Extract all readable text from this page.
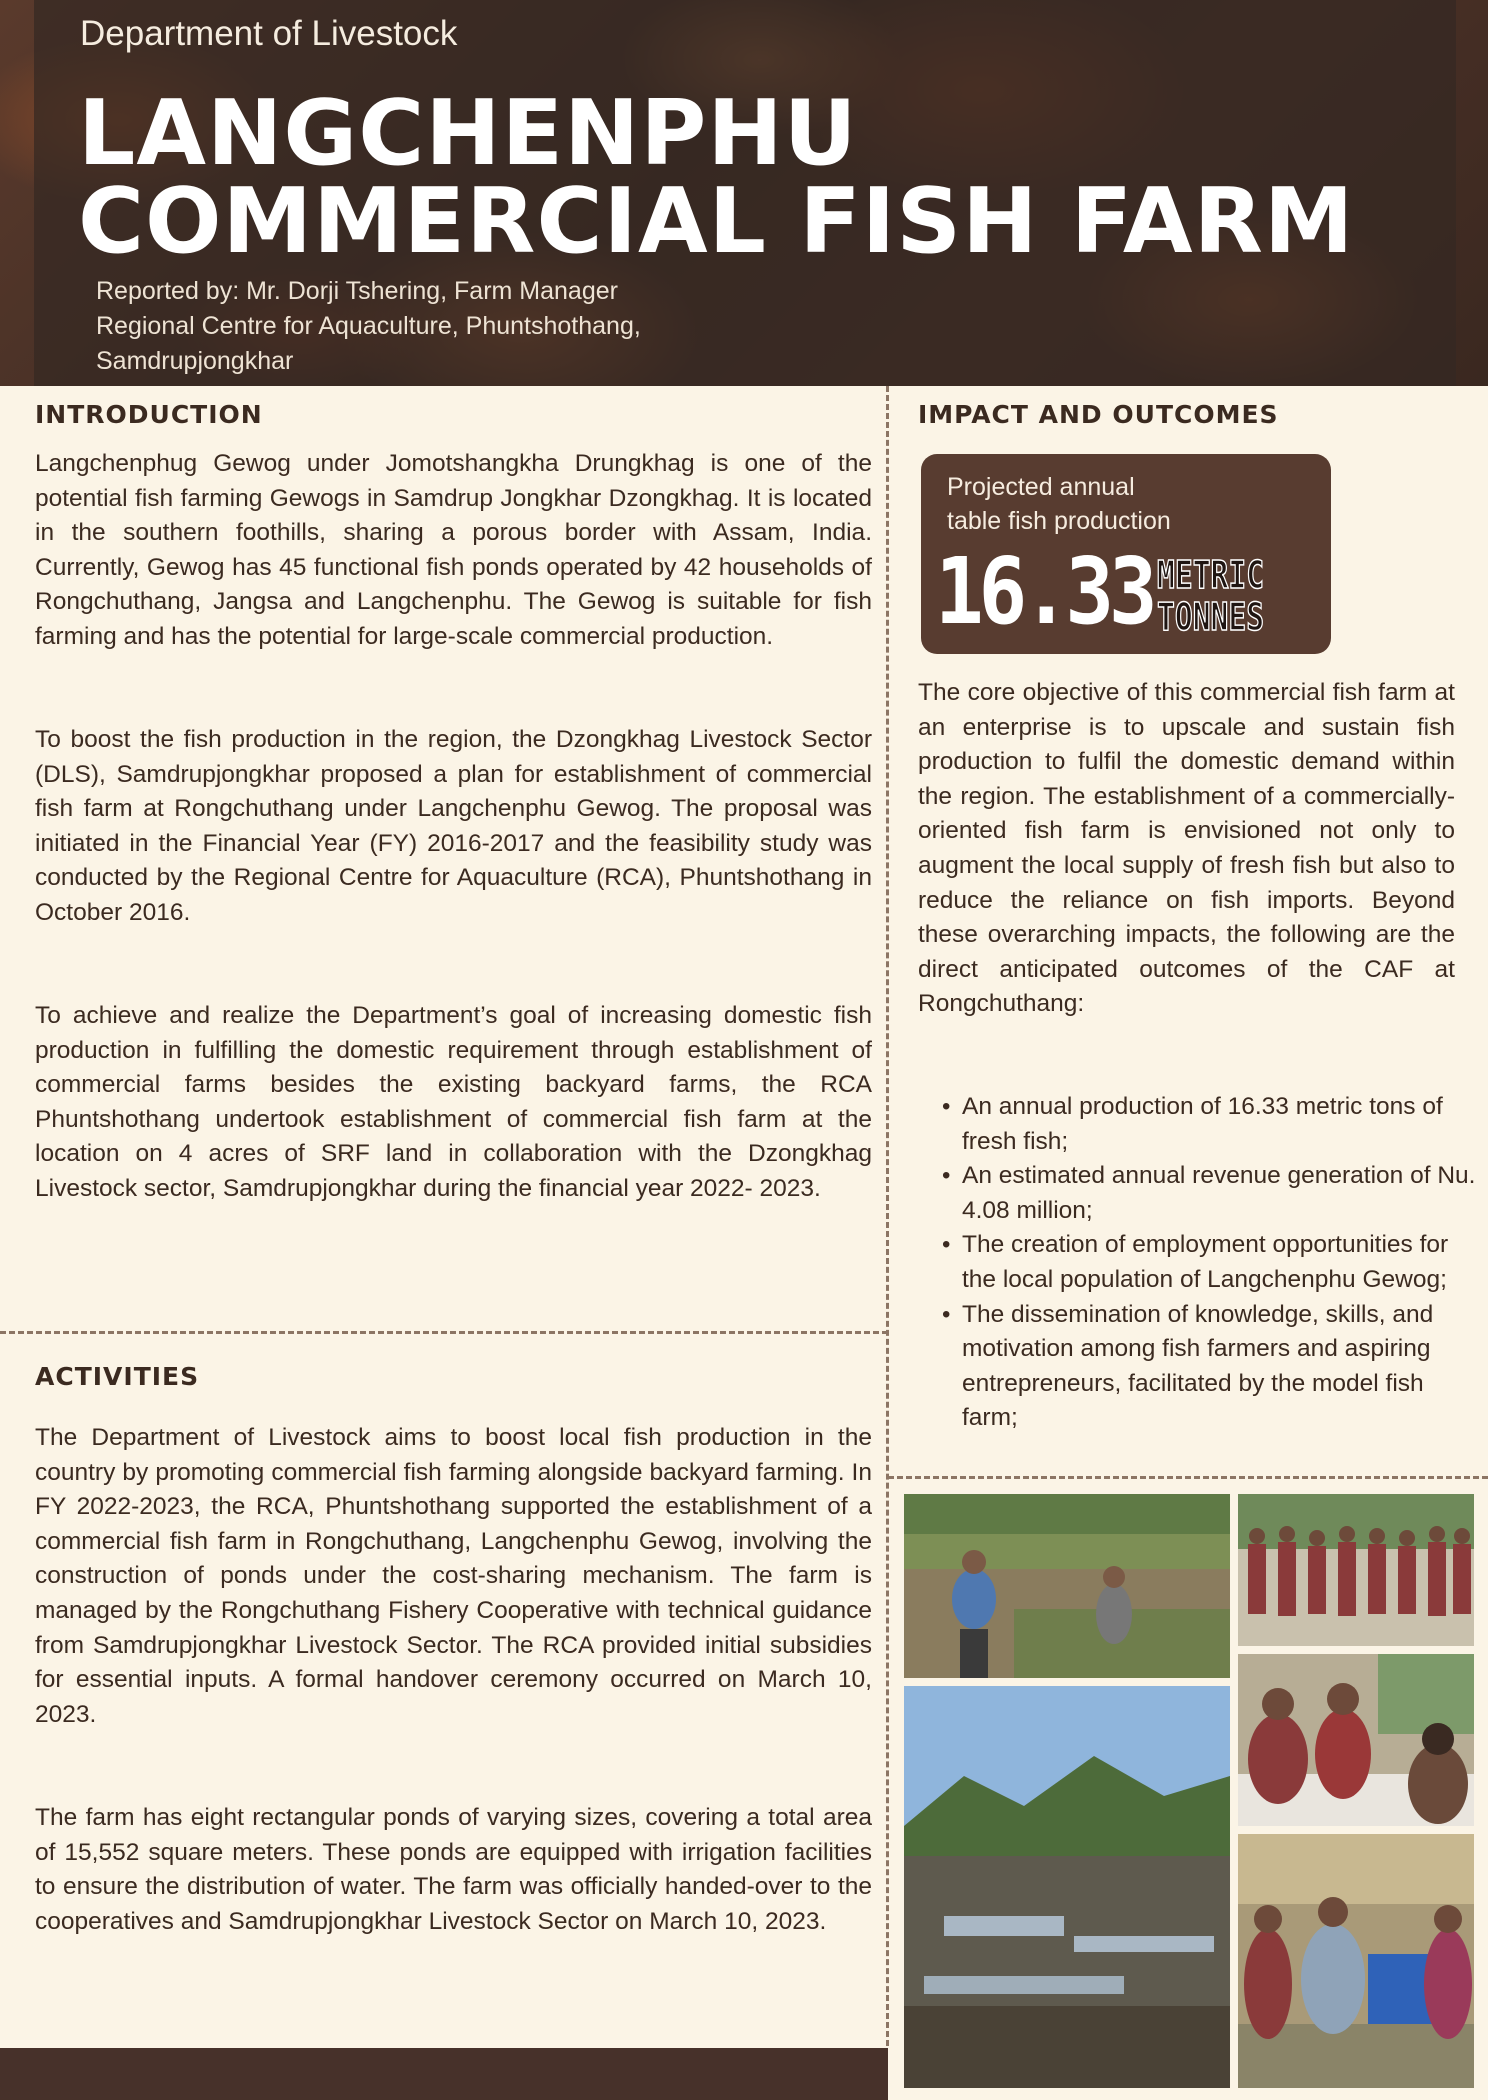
Department of Livestock
LANGCHENPHU
COMMERCIAL FISH FARM
Reported by: Mr. Dorji Tshering, Farm Manager
Regional Centre for Aquaculture, Phuntshothang,
Samdrupjongkhar
INTRODUCTION

Langchenphug Gewog under Jomotshangkha Drungkhag is one of the potential fish farming Gewogs in Samdrup Jongkhar Dzongkhag. It is located in the southern foothills, sharing a porous border with Assam, India. Currently, Gewog has 45 functional fish ponds operated by 42 households of Rongchuthang, Jangsa and Langchenphu. The Gewog is suitable for fish farming and has the potential for large-scale commercial production.

To boost the fish production in the region, the Dzongkhag Livestock Sector (DLS), Samdrupjongkhar proposed a plan for establishment of commercial fish farm at Rongchuthang under Langchenphu Gewog. The proposal was initiated in the Financial Year (FY) 2016-2017 and the feasibility study was conducted by the Regional Centre for Aquaculture (RCA), Phuntshothang in October 2016.

To achieve and realize the Department’s goal of increasing domestic fish production in fulfilling the domestic requirement through establishment of commercial farms besides the existing backyard farms, the RCA Phuntshothang undertook establishment of commercial fish farm at the location on 4 acres of SRF land in collaboration with the Dzongkhag Livestock sector, Samdrupjongkhar during the financial year 2022- 2023.

ACTIVITIES

The Department of Livestock aims to boost local fish production in the country by promoting commercial fish farming alongside backyard farming. In FY 2022-2023, the RCA, Phuntshothang supported the establishment of a commercial fish farm in Rongchuthang, Langchenphu Gewog, involving the construction of ponds under the cost-sharing mechanism. The farm is managed by the Rongchuthang Fishery Cooperative with technical guidance from Samdrupjongkhar Livestock Sector. The RCA provided initial subsidies for essential inputs. A formal handover ceremony occurred on March 10, 2023.

The farm has eight rectangular ponds of varying sizes, covering a total area of 15,552 square meters. These ponds are equipped with irrigation facilities to ensure the distribution of water. The farm was officially handed-over to the cooperatives and Samdrupjongkhar Livestock Sector on March 10, 2023.

IMPACT AND OUTCOMES
Projected annual
table fish production
16.33 METRIC
TONNES

The core objective of this commercial fish farm at an enterprise is to upscale and sustain fish production to fulfil the domestic demand within the region. The establishment of a commercially-oriented fish farm is envisioned not only to augment the local supply of fresh fish but also to reduce the reliance on fish imports. Beyond these overarching impacts, the following are the direct anticipated outcomes of the CAF at Rongchuthang:

• An annual production of 16.33 metric tons of fresh fish;
• An estimated annual revenue generation of Nu. 4.08 million;
• The creation of employment opportunities for the local population of Langchenphu Gewog;
• The dissemination of knowledge, skills, and motivation among fish farmers and aspiring entrepreneurs, facilitated by the model fish farm;
